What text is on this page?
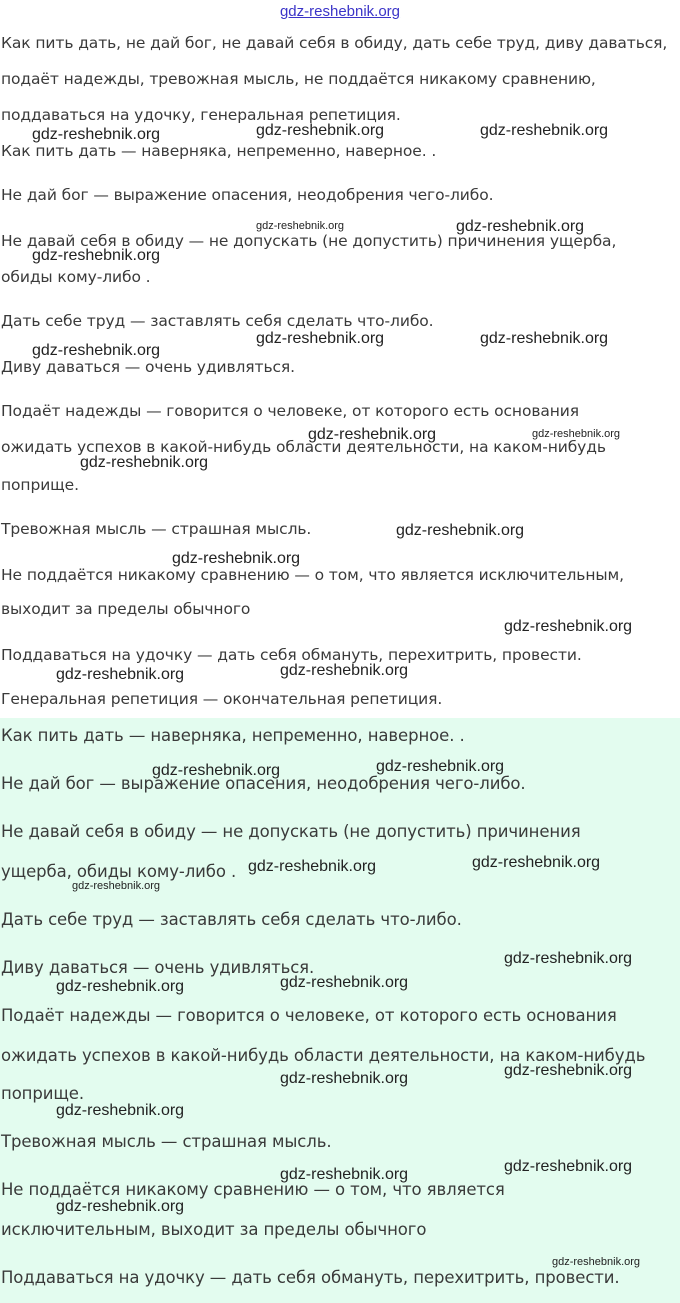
gdz-reshebnik.org
Как пить дать, не дай бог, не давай себя в обиду, дать себе труд, диву даваться,
подаёт надежды, тревожная мысль, не поддаётся никакому сравнению,
поддаваться на удочку, генеральная репетиция.
Как пить дать — наверняка, непременно, наверное. .
Не дай бог — выражение опасения, неодобрения чего-либо.
Не давай себя в обиду — не допускать (не допустить) причинения ущерба,
обиды кому-либо .
Дать себе труд — заставлять себя сделать что-либо.
Диву даваться — очень удивляться.
Подаёт надежды — говорится о человеке, от которого есть основания
ожидать успехов в какой-нибудь области деятельности, на каком-нибудь
поприще.
Тревожная мысль — страшная мысль.
Не поддаётся никакому сравнению — о том, что является исключительным,
выходит за пределы обычного
Поддаваться на удочку — дать себя обмануть, перехитрить, провести.
Генеральная репетиция — окончательная репетиция.
Как пить дать — наверняка, непременно, наверное. .
Не дай бог — выражение опасения, неодобрения чего-либо.
Не давай себя в обиду — не допускать (не допустить) причинения
ущерба, обиды кому-либо .
Дать себе труд — заставлять себя сделать что-либо.
Диву даваться — очень удивляться.
Подаёт надежды — говорится о человеке, от которого есть основания
ожидать успехов в какой-нибудь области деятельности, на каком-нибудь
поприще.
Тревожная мысль — страшная мысль.
Не поддаётся никакому сравнению — о том, что является
исключительным, выходит за пределы обычного
Поддаваться на удочку — дать себя обмануть, перехитрить, провести.
gdz-reshebnik.org	gdz-reshebnik.org	gdz-reshebnik.org
gdz-reshebnik.org	gdz-reshebnik.org
gdz-reshebnik.org
gdz-reshebnik.org	gdz-reshebnik.org
gdz-reshebnik.org
gdz-reshebnik.org	gdz-reshebnik.org
gdz-reshebnik.org
gdz-reshebnik.org
gdz-reshebnik.org
gdz-reshebnik.org
gdz-reshebnik.org
gdz-reshebnik.org
gdz-reshebnik.org	gdz-reshebnik.org
gdz-reshebnik.org	gdz-reshebnik.org
gdz-reshebnik.org
gdz-reshebnik.org
gdz-reshebnik.org
gdz-reshebnik.org
gdz-reshebnik.org	gdz-reshebnik.org
gdz-reshebnik.org
gdz-reshebnik.org	gdz-reshebnik.org
gdz-reshebnik.org
gdz-reshebnik.org
